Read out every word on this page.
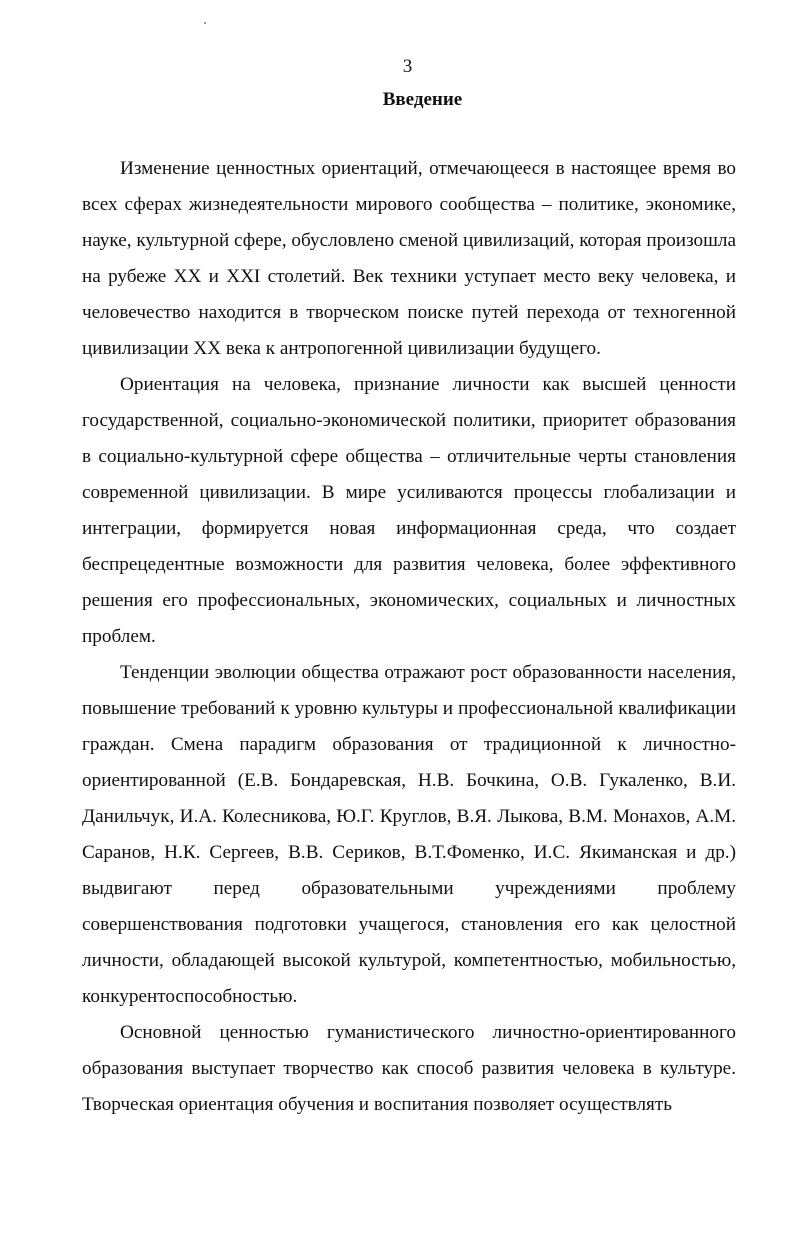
3
Введение

Изменение ценностных ориентаций, отмечающееся в настоящее время во всех сферах жизнедеятельности мирового сообщества – политике, экономике, науке, культурной сфере, обусловлено сменой цивилизаций, которая произошла на рубеже XX и XXI столетий. Век техники уступает место веку человека, и человечество находится в творческом поиске путей перехода от техногенной цивилизации XX века к антропогенной цивилизации будущего.

Ориентация на человека, признание личности как высшей ценности государственной, социально-экономической политики, приоритет образования в социально-культурной сфере общества – отличительные черты становления современной цивилизации. В мире усиливаются процессы глобализации и интеграции, формируется новая информационная среда, что создает беспрецедентные возможности для развития человека, более эффективного решения его профессиональных, экономических, социальных и личностных проблем.

Тенденции эволюции общества отражают рост образованности населения, повышение требований к уровню культуры и профессиональной квалификации граждан. Смена парадигм образования от традиционной к личностно-ориентированной (Е.В. Бондаревская, Н.В. Бочкина, О.В. Гукаленко, В.И. Данильчук, И.А. Колесникова, Ю.Г. Круглов, В.Я. Лыкова, В.М. Монахов, А.М. Саранов, Н.К. Сергеев, В.В. Сериков, В.Т.Фоменко, И.С. Якиманская и др.) выдвигают перед образовательными учреждениями проблему совершенствования подготовки учащегося, становления его как целостной личности, обладающей высокой культурой, компетентностью, мобильностью, конкурентоспособностью.

Основной ценностью гуманистического личностно-ориентированного образования выступает творчество как способ развития человека в культуре. Творческая ориентация обучения и воспитания позволяет осуществлять
